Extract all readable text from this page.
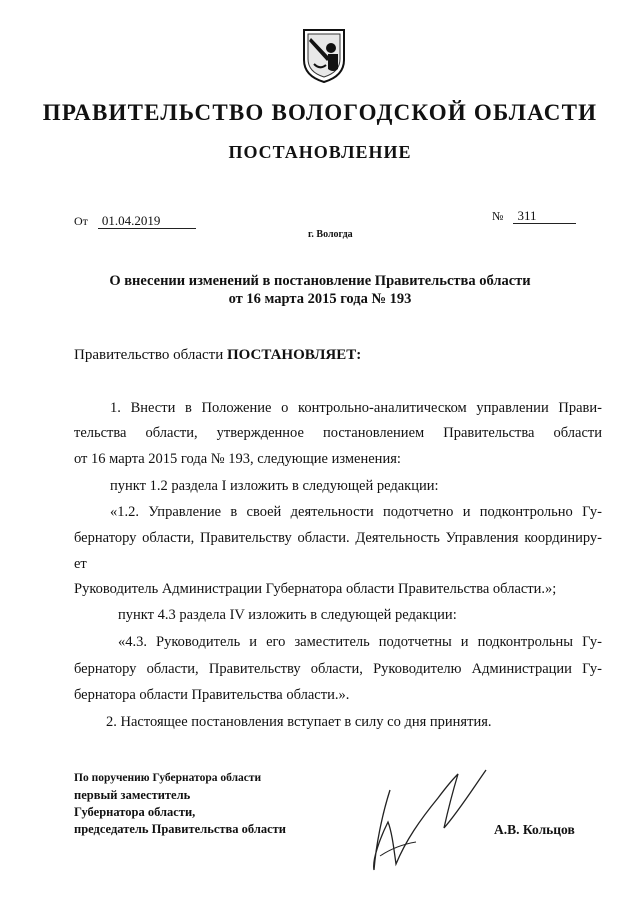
ПРАВИТЕЛЬСТВО ВОЛОГОДСКОЙ ОБЛАСТИ
ПОСТАНОВЛЕНИЕ
От 01.04.2019	№ 311
г. Вологда
О внесении изменений в постановление Правительства области
от 16 марта 2015 года № 193
Правительство области ПОСТАНОВЛЯЕТ:
1. Внести в Положение о контрольно-аналитическом управлении Прави-
тельства области, утвержденное постановлением Правительства области
от 16 марта 2015 года № 193, следующие изменения:
пункт 1.2 раздела I изложить в следующей редакции:
«1.2. Управление в своей деятельности подотчетно и подконтрольно Гу-
бернатору области, Правительству области. Деятельность Управления координиру-
ет
Руководитель Администрации Губернатора области Правительства области.»;
пункт 4.3 раздела IV изложить в следующей редакции:
«4.3. Руководитель и его заместитель подотчетны и подконтрольны Гу-
бернатору области, Правительству области, Руководителю Администрации Гу-
бернатора области Правительства области.».
2. Настоящее постановления вступает в силу со дня принятия.
По поручению Губернатора области
первый заместитель
Губернатора области,
председатель Правительства области	А.В. Кольцов
